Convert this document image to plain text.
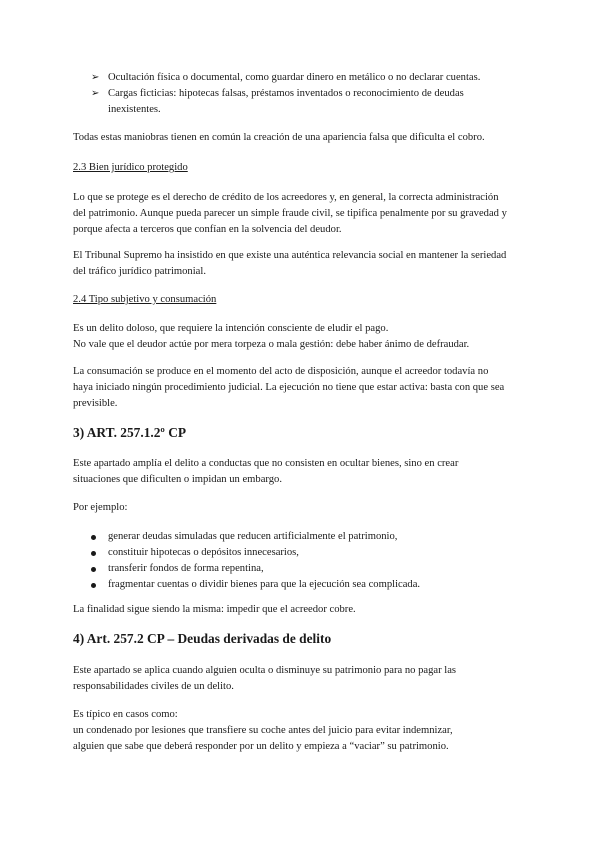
➢ Ocultación física o documental, como guardar dinero en metálico o no declarar cuentas.
➢ Cargas ficticias: hipotecas falsas, préstamos inventados o reconocimiento de deudas
inexistentes.

Todas estas maniobras tienen en común la creación de una apariencia falsa que dificulta el cobro.

2.3 Bien jurídico protegido

Lo que se protege es el derecho de crédito de los acreedores y, en general, la correcta administración
del patrimonio. Aunque pueda parecer un simple fraude civil, se tipifica penalmente por su gravedad y
porque afecta a terceros que confían en la solvencia del deudor.

El Tribunal Supremo ha insistido en que existe una auténtica relevancia social en mantener la seriedad
del tráfico jurídico patrimonial.

2.4 Tipo subjetivo y consumación

Es un delito doloso, que requiere la intención consciente de eludir el pago.
No vale que el deudor actúe por mera torpeza o mala gestión: debe haber ánimo de defraudar.

La consumación se produce en el momento del acto de disposición, aunque el acreedor todavía no
haya iniciado ningún procedimiento judicial. La ejecución no tiene que estar activa: basta con que sea
previsible.

3) ART. 257.1.2º CP

Este apartado amplía el delito a conductas que no consisten en ocultar bienes, sino en crear
situaciones que dificulten o impidan un embargo.

Por ejemplo:

generar deudas simuladas que reducen artificialmente el patrimonio,
constituir hipotecas o depósitos innecesarios,
transferir fondos de forma repentina,
fragmentar cuentas o dividir bienes para que la ejecución sea complicada.

La finalidad sigue siendo la misma: impedir que el acreedor cobre.

4) Art. 257.2 CP – Deudas derivadas de delito

Este apartado se aplica cuando alguien oculta o disminuye su patrimonio para no pagar las
responsabilidades civiles de un delito.

Es típico en casos como:
un condenado por lesiones que transfiere su coche antes del juicio para evitar indemnizar,
alguien que sabe que deberá responder por un delito y empieza a “vaciar” su patrimonio.
